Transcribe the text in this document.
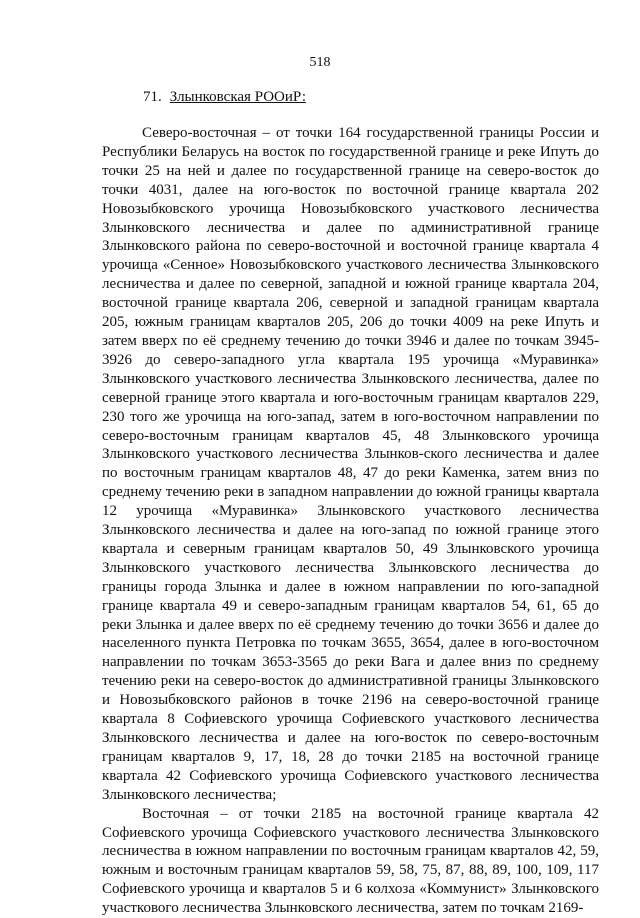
518
71. Злынковская РООиР:

Северо-восточная – от точки 164 государственной границы России и Республики Беларусь на восток по государственной границе и реке Ипуть до точки 25 на ней и далее по государственной границе на северо-восток до точки 4031, далее на юго-восток по восточной границе квартала 202 Новозыбковского урочища Новозыбковского участкового лесничества Злынковского лесничества и далее по административной границе Злынковского района по северо-восточной и восточной границе квартала 4 урочища «Сенное» Новозыбковского участкового лесничества Злынковского лесничества и далее по северной, западной и южной границе квартала 204, восточной границе квартала 206, северной и западной границам квартала 205, южным границам кварталов 205, 206 до точки 4009 на реке Ипуть и затем вверх по её среднему течению до точки 3946 и далее по точкам 3945-3926 до северо-западного угла квартала 195 урочища «Муравинка» Злынковского участкового лесничества Злынковского лесничества, далее по северной границе этого квартала и юго-восточным границам кварталов 229, 230 того же урочища на юго-запад, затем в юго-восточном направлении по северо-восточным границам кварталов 45, 48 Злынковского урочища Злынковского участкового лесничества Злынков-ского лесничества и далее по восточным границам кварталов 48, 47 до реки Каменка, затем вниз по среднему течению реки в западном направлении до южной границы квартала 12 урочища «Муравинка» Злынковского участкового лесничества Злынковского лесничества и далее на юго-запад по южной границе этого квартала и северным границам кварталов 50, 49 Злынковского урочища Злынковского участкового лесничества Злынковского лесничества до границы города Злынка и далее в южном направлении по юго-западной границе квартала 49 и северо-западным границам кварталов 54, 61, 65 до реки Злынка и далее вверх по её среднему течению до точки 3656 и далее до населенного пункта Петровка по точкам 3655, 3654, далее в юго-восточном направлении по точкам 3653-3565 до реки Вага и далее вниз по среднему течению реки на северо-восток до административной границы Злынковского и Новозыбковского районов в точке 2196 на северо-восточной границе квартала 8 Софиевского урочища Софиевского участкового лесничества Злынковского лесничества и далее на юго-восток по северо-восточным границам кварталов 9, 17, 18, 28 до точки 2185 на восточной границе квартала 42 Софиевского урочища Софиевского участкового лесничества Злынковского лесничества;

Восточная – от точки 2185 на восточной границе квартала 42 Софиевского урочища Софиевского участкового лесничества Злынковского лесничества в южном направлении по восточным границам кварталов 42, 59, южным и восточным границам кварталов 59, 58, 75, 87, 88, 89, 100, 109, 117 Софиевского урочища и кварталов 5 и 6 колхоза «Коммунист» Злынковского участкового лесничества Злынковского лесничества, затем по точкам 2169-
